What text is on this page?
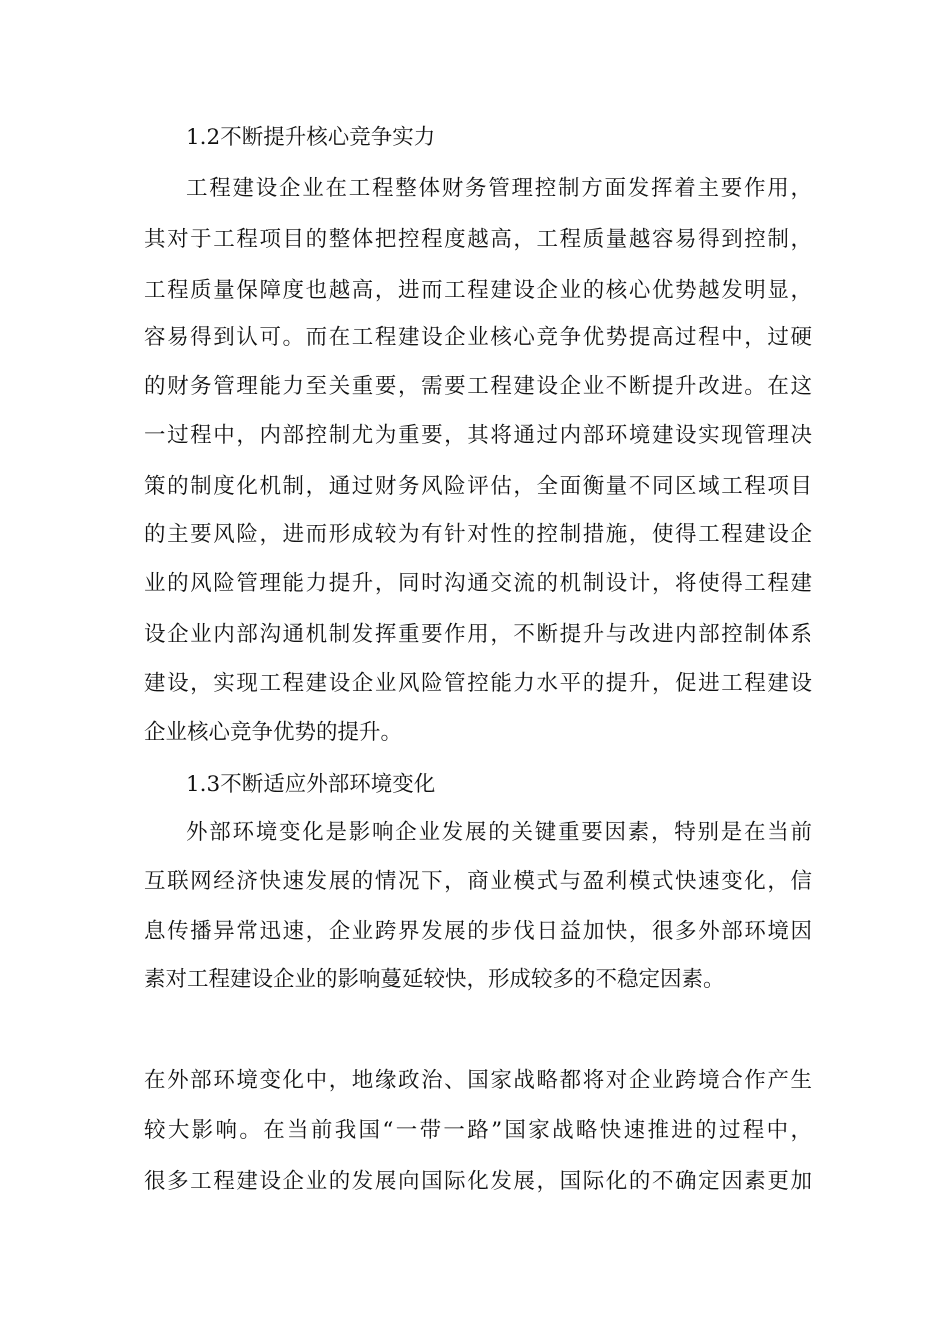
1.2不断提升核心竞争实力
工程建设企业在工程整体财务管理控制方面发挥着主要作用，
其对于工程项目的整体把控程度越高，工程质量越容易得到控制，
工程质量保障度也越高，进而工程建设企业的核心优势越发明显，
容易得到认可。而在工程建设企业核心竞争优势提高过程中，过硬
的财务管理能力至关重要，需要工程建设企业不断提升改进。在这
一过程中，内部控制尤为重要，其将通过内部环境建设实现管理决
策的制度化机制，通过财务风险评估，全面衡量不同区域工程项目
的主要风险，进而形成较为有针对性的控制措施，使得工程建设企
业的风险管理能力提升，同时沟通交流的机制设计，将使得工程建
设企业内部沟通机制发挥重要作用，不断提升与改进内部控制体系
建设，实现工程建设企业风险管控能力水平的提升，促进工程建设
企业核心竞争优势的提升。
1.3不断适应外部环境变化
外部环境变化是影响企业发展的关键重要因素，特别是在当前
互联网经济快速发展的情况下，商业模式与盈利模式快速变化，信
息传播异常迅速，企业跨界发展的步伐日益加快，很多外部环境因
素对工程建设企业的影响蔓延较快，形成较多的不稳定因素。
在外部环境变化中，地缘政治、国家战略都将对企业跨境合作产生
较大影响。在当前我国“一带一路”国家战略快速推进的过程中，
很多工程建设企业的发展向国际化发展，国际化的不确定因素更加
